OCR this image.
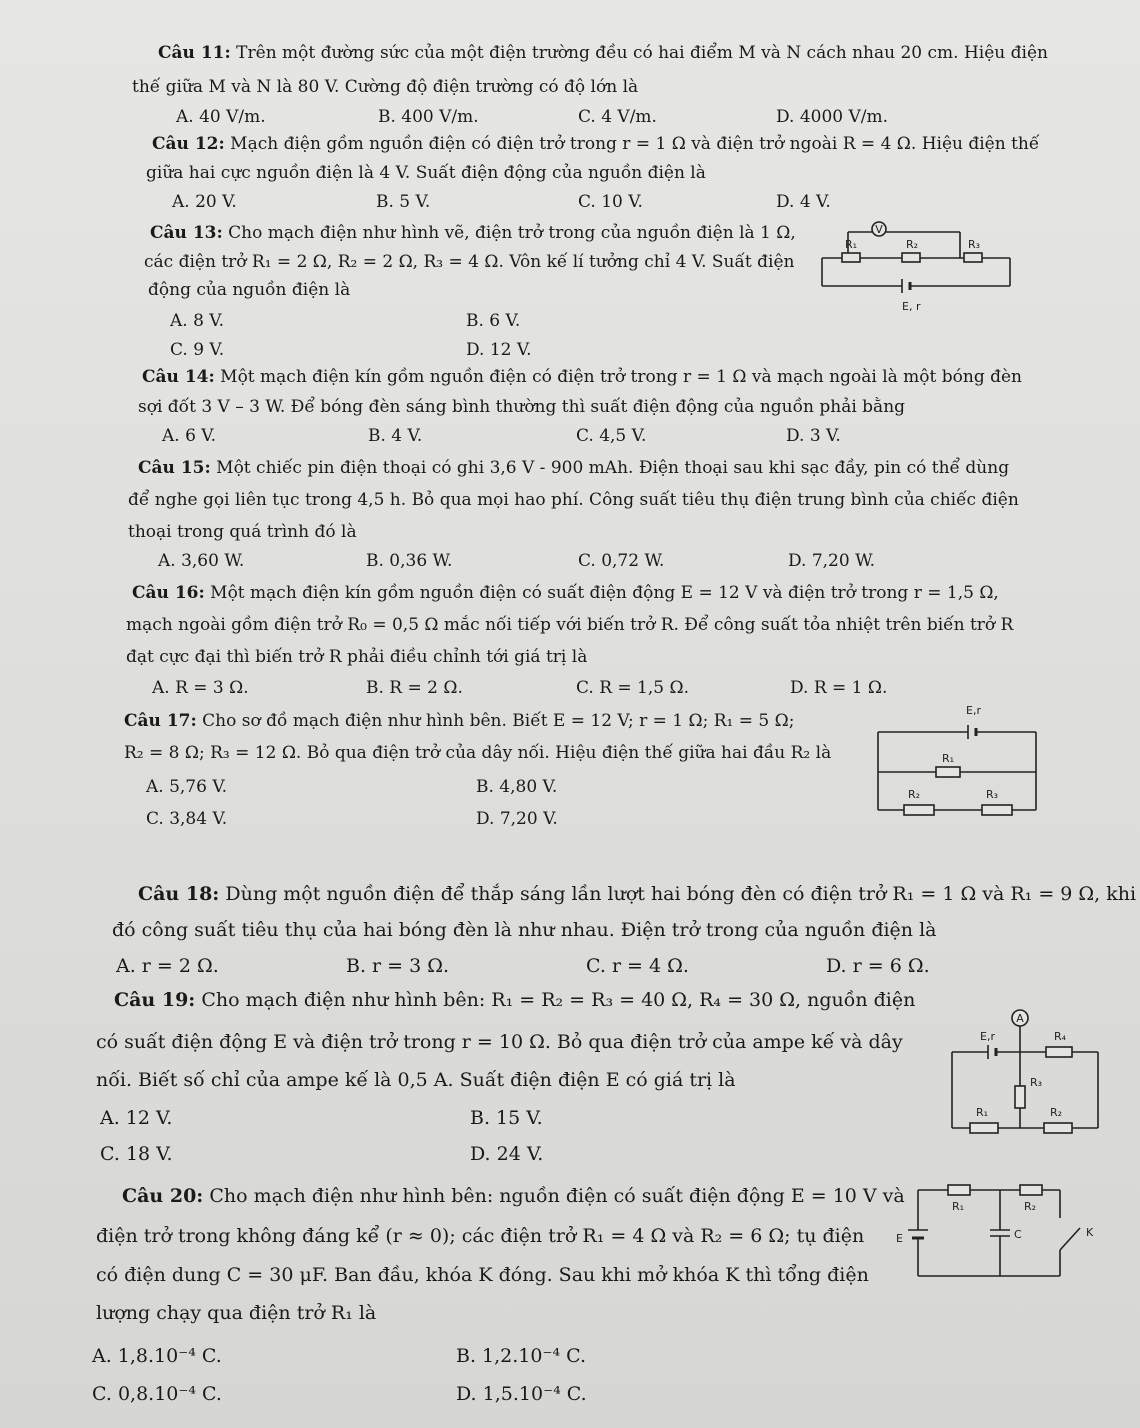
Câu 11: Trên một đường sức của một điện trường đều có hai điểm M và N cách nhau 20 cm. Hiệu điện
thế giữa M và N là 80 V. Cường độ điện trường có độ lớn là
A. 40 V/m.	B. 400 V/m.	C. 4 V/m.	D. 4000 V/m.
Câu 12: Mạch điện gồm nguồn điện có điện trở trong r = 1 Ω và điện trở ngoài R = 4 Ω. Hiệu điện thế
giữa hai cực nguồn điện là 4 V. Suất điện động của nguồn điện là
A. 20 V.	B. 5 V.	C. 10 V.	D. 4 V.
Câu 13: Cho mạch điện như hình vẽ, điện trở trong của nguồn điện là 1 Ω,
các điện trở R₁ = 2 Ω, R₂ = 2 Ω, R₃ = 4 Ω. Vôn kế lí tưởng chỉ 4 V. Suất điện
động của nguồn điện là
A. 8 V.	B. 6 V.
C. 9 V.	D. 12 V.
V
R₁	R₂	R₃
E, r
Câu 14: Một mạch điện kín gồm nguồn điện có điện trở trong r = 1 Ω và mạch ngoài là một bóng đèn
sợi đốt 3 V – 3 W. Để bóng đèn sáng bình thường thì suất điện động của nguồn phải bằng
A. 6 V.	B. 4 V.	C. 4,5 V.	D. 3 V.
Câu 15: Một chiếc pin điện thoại có ghi 3,6 V - 900 mAh. Điện thoại sau khi sạc đầy, pin có thể dùng
để nghe gọi liên tục trong 4,5 h. Bỏ qua mọi hao phí. Công suất tiêu thụ điện trung bình của chiếc điện
thoại trong quá trình đó là
A. 3,60 W.	B. 0,36 W.	C. 0,72 W.	D. 7,20 W.
Câu 16: Một mạch điện kín gồm nguồn điện có suất điện động E = 12 V và điện trở trong r = 1,5 Ω,
mạch ngoài gồm điện trở R₀ = 0,5 Ω mắc nối tiếp với biến trở R. Để công suất tỏa nhiệt trên biến trở R
đạt cực đại thì biến trở R phải điều chỉnh tới giá trị là
A. R = 3 Ω.	B. R = 2 Ω.	C. R = 1,5 Ω.	D. R = 1 Ω.
Câu 17: Cho sơ đồ mạch điện như hình bên. Biết E = 12 V; r = 1 Ω; R₁ = 5 Ω;
R₂ = 8 Ω; R₃ = 12 Ω. Bỏ qua điện trở của dây nối. Hiệu điện thế giữa hai đầu R₂ là
A. 5,76 V.	B. 4,80 V.
C. 3,84 V.	D. 7,20 V.
E,r
R₁
R₂	R₃
Câu 18: Dùng một nguồn điện để thắp sáng lần lượt hai bóng đèn có điện trở R₁ = 1 Ω và R₁ = 9 Ω, khi
đó công suất tiêu thụ của hai bóng đèn là như nhau. Điện trở trong của nguồn điện là
A. r = 2 Ω.	B. r = 3 Ω.	C. r = 4 Ω.	D. r = 6 Ω.
Câu 19: Cho mạch điện như hình bên: R₁ = R₂ = R₃ = 40 Ω, R₄ = 30 Ω, nguồn điện
có suất điện động E và điện trở trong r = 10 Ω. Bỏ qua điện trở của ampe kế và dây
nối. Biết số chỉ của ampe kế là 0,5 A. Suất điện điện E có giá trị là
A. 12 V.	B. 15 V.
C. 18 V.	D. 24 V.
A
E,r	R₄
R₃
R₁	R₂
Câu 20: Cho mạch điện như hình bên: nguồn điện có suất điện động E = 10 V và
điện trở trong không đáng kể (r ≈ 0); các điện trở R₁ = 4 Ω và R₂ = 6 Ω; tụ điện
có điện dung C = 30 μF. Ban đầu, khóa K đóng. Sau khi mở khóa K thì tổng điện
lượng chạy qua điện trở R₁ là
A. 1,8.10⁻⁴ C.	B. 1,2.10⁻⁴ C.
C. 0,8.10⁻⁴ C.	D. 1,5.10⁻⁴ C.
E	K
R₁	R₂
C
